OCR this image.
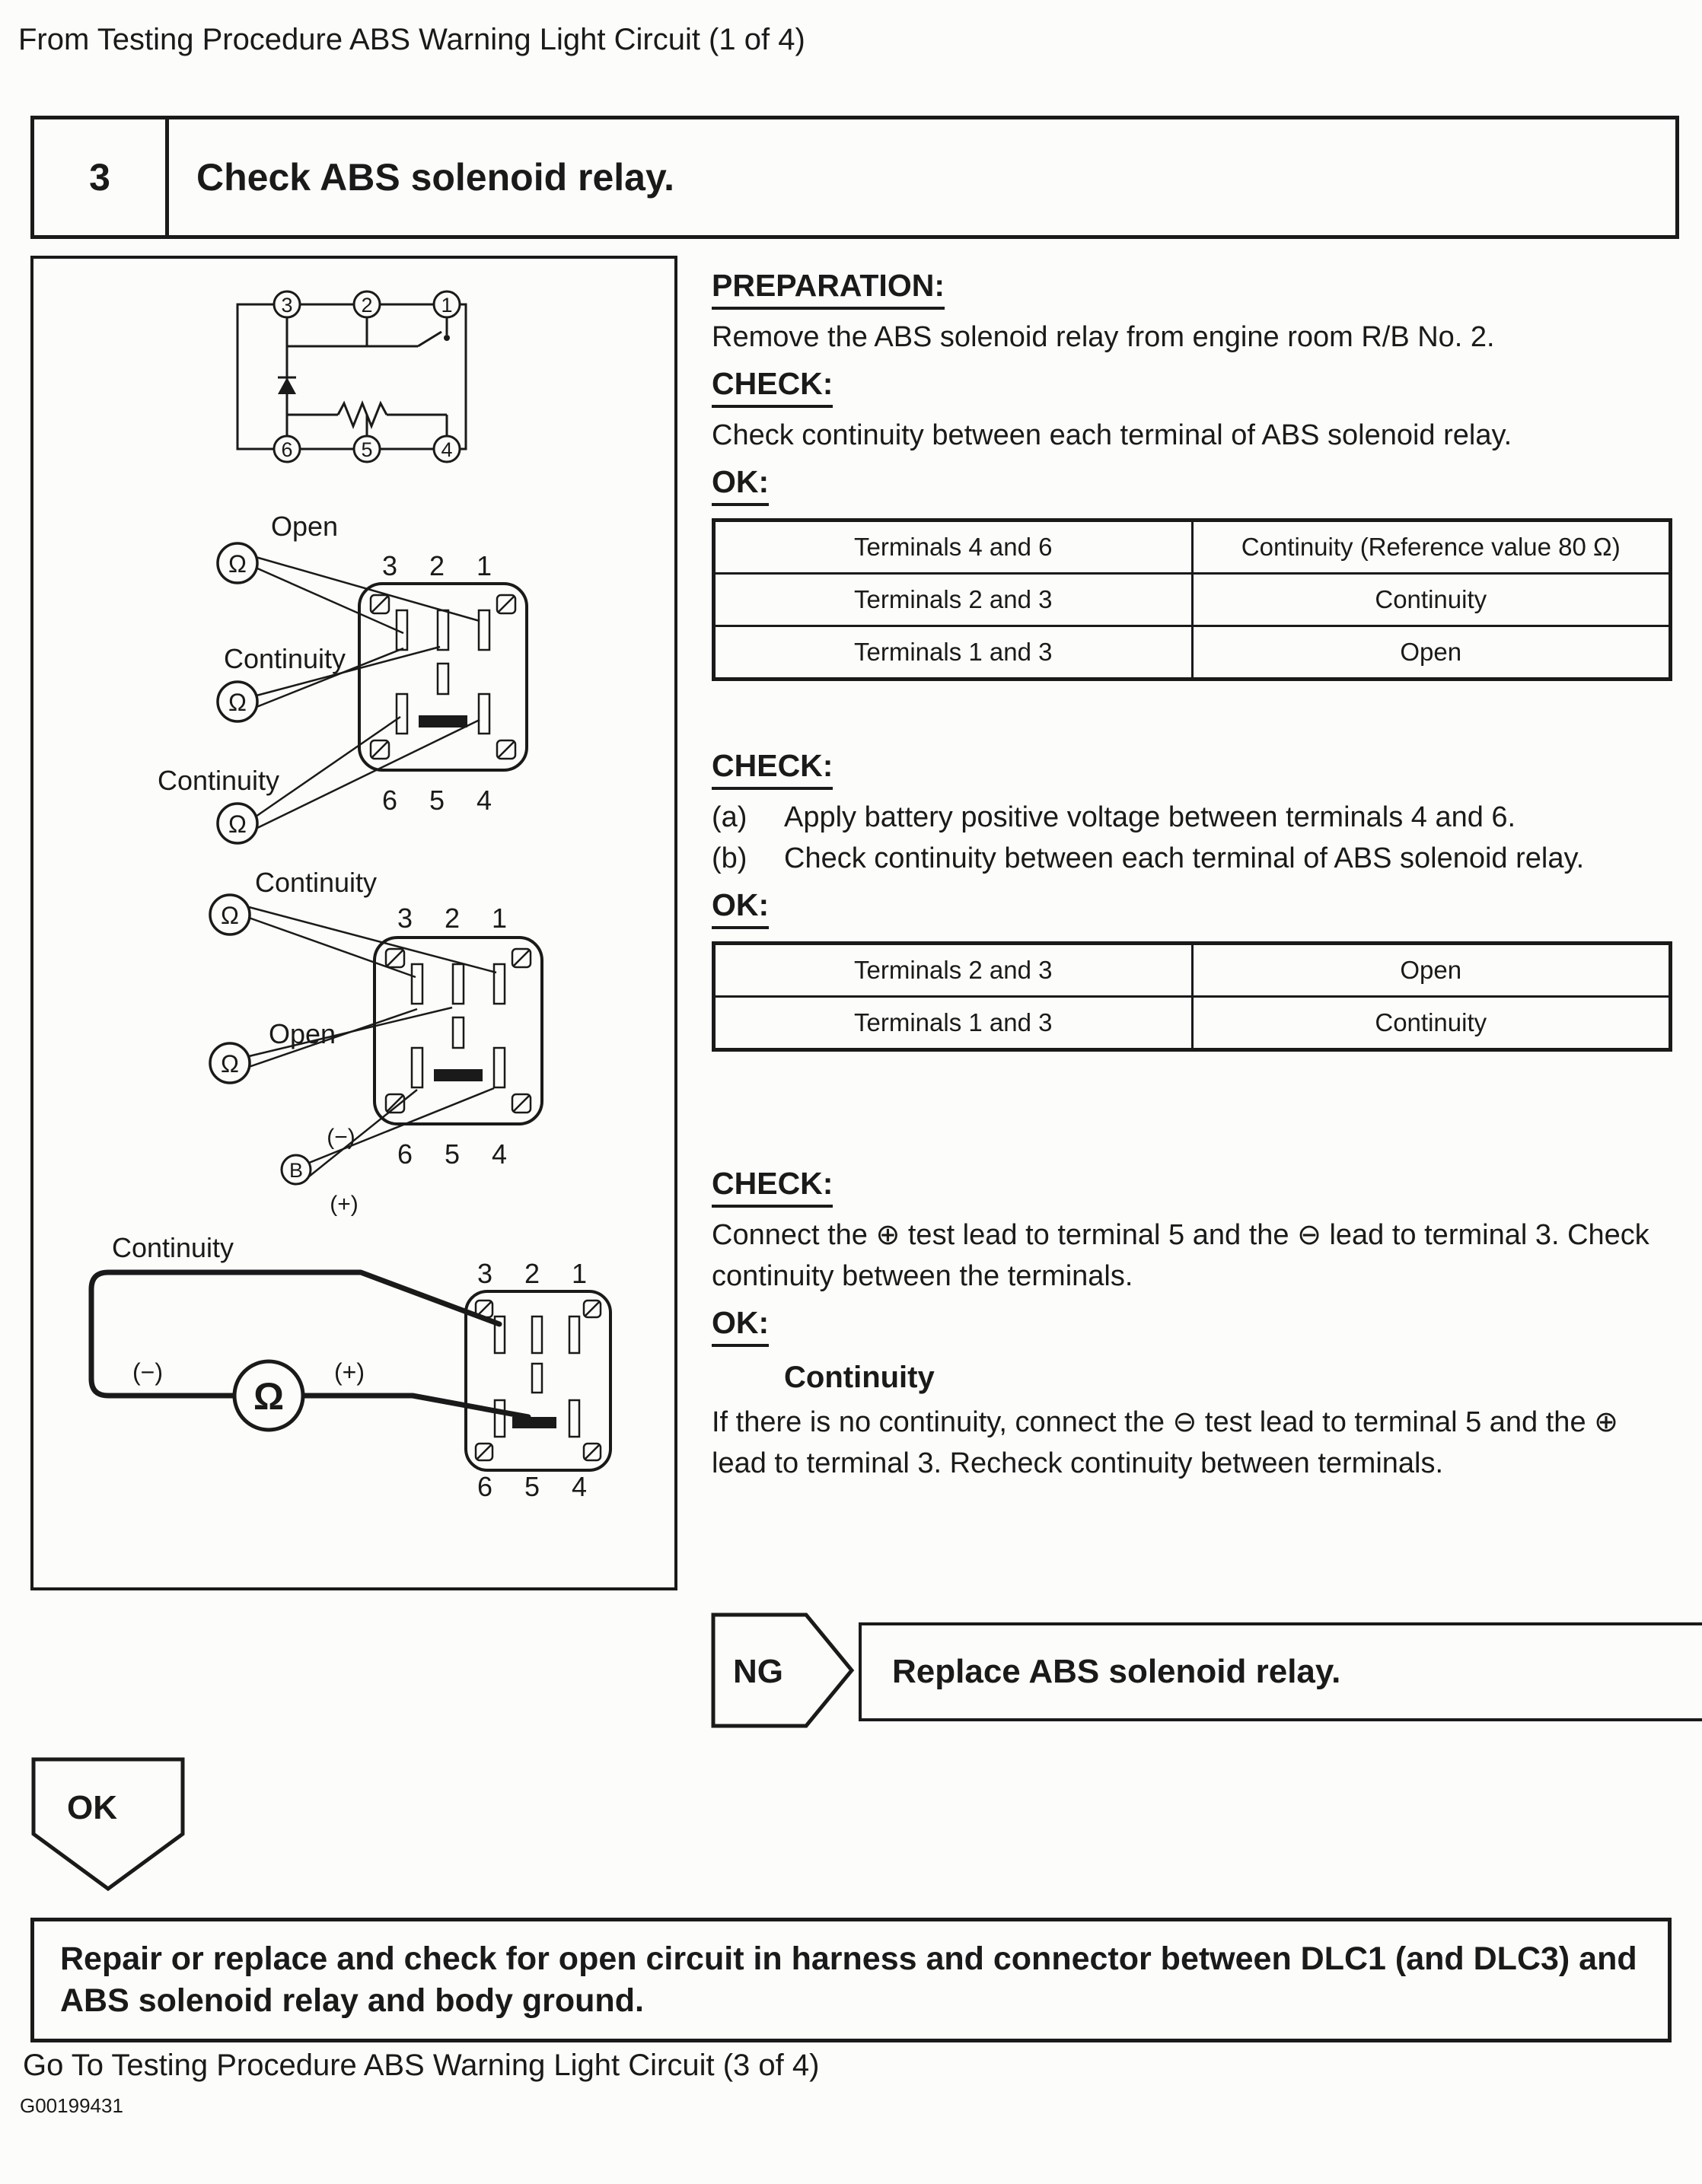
From Testing Procedure ABS Warning Light Circuit (1 of 4)
3	Check ABS solenoid relay.
3	2	1
6	5	4
Open
Continuity
Continuity
Ω
Ω
Ω
3 2 1
6 5 4
Continuity
Open
Ω
Ω
3 2 1
6 5 4
B
(−)
(+)
Continuity
Ω
(−)	(+)
3 2 1
6 5 4
PREPARATION:
Remove the ABS solenoid relay from engine room R/B No. 2.
CHECK:
Check continuity between each terminal of ABS solenoid relay.
OK:
Terminals 4 and 6	Continuity (Reference value 80 Ω)
Terminals 2 and 3	Continuity
Terminals 1 and 3	Open
CHECK:
(a)	Apply battery positive voltage between terminals 4 and 6.
(b)	Check continuity between each terminal of ABS solenoid relay.
OK:
Terminals 2 and 3	Open
Terminals 1 and 3	Continuity
CHECK:
Connect the ⊕ test lead to terminal 5 and the ⊖ lead to terminal 3. Check continuity between the terminals.
OK:
Continuity
If there is no continuity, connect the ⊖ test lead to terminal 5 and the ⊕ lead to terminal 3. Recheck continuity between terminals.
NG	Replace ABS solenoid relay.
OK
Repair or replace and check for open circuit in harness and connector between DLC1 (and DLC3) and ABS solenoid relay and body ground.
Go To Testing Procedure ABS Warning Light Circuit (3 of 4)
G00199431
